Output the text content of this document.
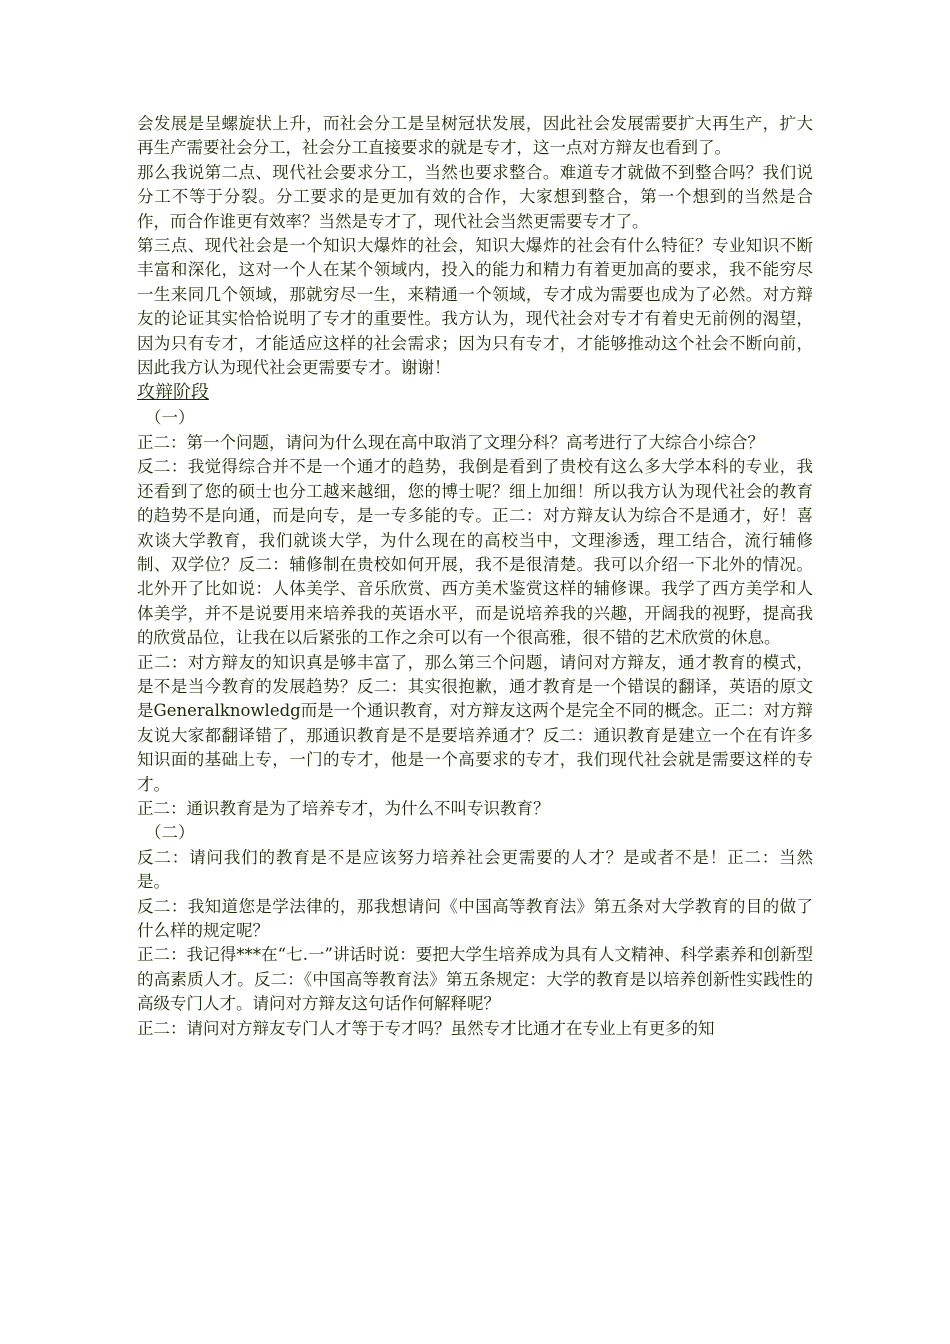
会发展是呈螺旋状上升，而社会分工是呈树冠状发展，因此社会发展需要扩大再生产，扩大再生产需要社会分工，社会分工直接要求的就是专才，这一点对方辩友也看到了。

那么我说第二点、现代社会要求分工，当然也要求整合。难道专才就做不到整合吗？我们说分工不等于分裂。分工要求的是更加有效的合作，大家想到整合，第一个想到的当然是合作，而合作谁更有效率？当然是专才了，现代社会当然更需要专才了。

第三点、现代社会是一个知识大爆炸的社会，知识大爆炸的社会有什么特征？专业知识不断丰富和深化，这对一个人在某个领域内，投入的能力和精力有着更加高的要求，我不能穷尽一生来同几个领域，那就穷尽一生，来精通一个领域，专才成为需要也成为了必然。对方辩友的论证其实恰恰说明了专才的重要性。我方认为，现代社会对专才有着史无前例的渴望，因为只有专才，才能适应这样的社会需求；因为只有专才，才能够推动这个社会不断向前，因此我方认为现代社会更需要专才。谢谢！

攻辩阶段

（一）

正二：第一个问题，请问为什么现在高中取消了文理分科？高考进行了大综合小综合？

反二：我觉得综合并不是一个通才的趋势，我倒是看到了贵校有这么多大学本科的专业，我还看到了您的硕士也分工越来越细，您的博士呢？细上加细！所以我方认为现代社会的教育的趋势不是向通，而是向专，是一专多能的专。正二：对方辩友认为综合不是通才，好！喜欢谈大学教育，我们就谈大学，为什么现在的高校当中，文理渗透，理工结合，流行辅修制、双学位？反二：辅修制在贵校如何开展，我不是很清楚。我可以介绍一下北外的情况。北外开了比如说：人体美学、音乐欣赏、西方美术鉴赏这样的辅修课。我学了西方美学和人体美学，并不是说要用来培养我的英语水平，而是说培养我的兴趣，开阔我的视野，提高我的欣赏品位，让我在以后紧张的工作之余可以有一个很高雅，很不错的艺术欣赏的休息。

正二：对方辩友的知识真是够丰富了，那么第三个问题，请问对方辩友，通才教育的模式，是不是当今教育的发展趋势？反二：其实很抱歉，通才教育是一个错误的翻译，英语的原文是Generalknowledg而是一个通识教育，对方辩友这两个是完全不同的概念。正二：对方辩友说大家都翻译错了，那通识教育是不是要培养通才？反二：通识教育是建立一个在有许多知识面的基础上专，一门的专才，他是一个高要求的专才，我们现代社会就是需要这样的专才。

正二：通识教育是为了培养专才，为什么不叫专识教育？

（二）

反二：请问我们的教育是不是应该努力培养社会更需要的人才？是或者不是！正二：当然是。

反二：我知道您是学法律的，那我想请问《中国高等教育法》第五条对大学教育的目的做了什么样的规定呢？

正二：我记得***在“七.一”讲话时说：要把大学生培养成为具有人文精神、科学素养和创新型的高素质人才。反二：《中国高等教育法》第五条规定：大学的教育是以培养创新性实践性的高级专门人才。请问对方辩友这句话作何解释呢？

正二：请问对方辩友专门人才等于专才吗？虽然专才比通才在专业上有更多的知
